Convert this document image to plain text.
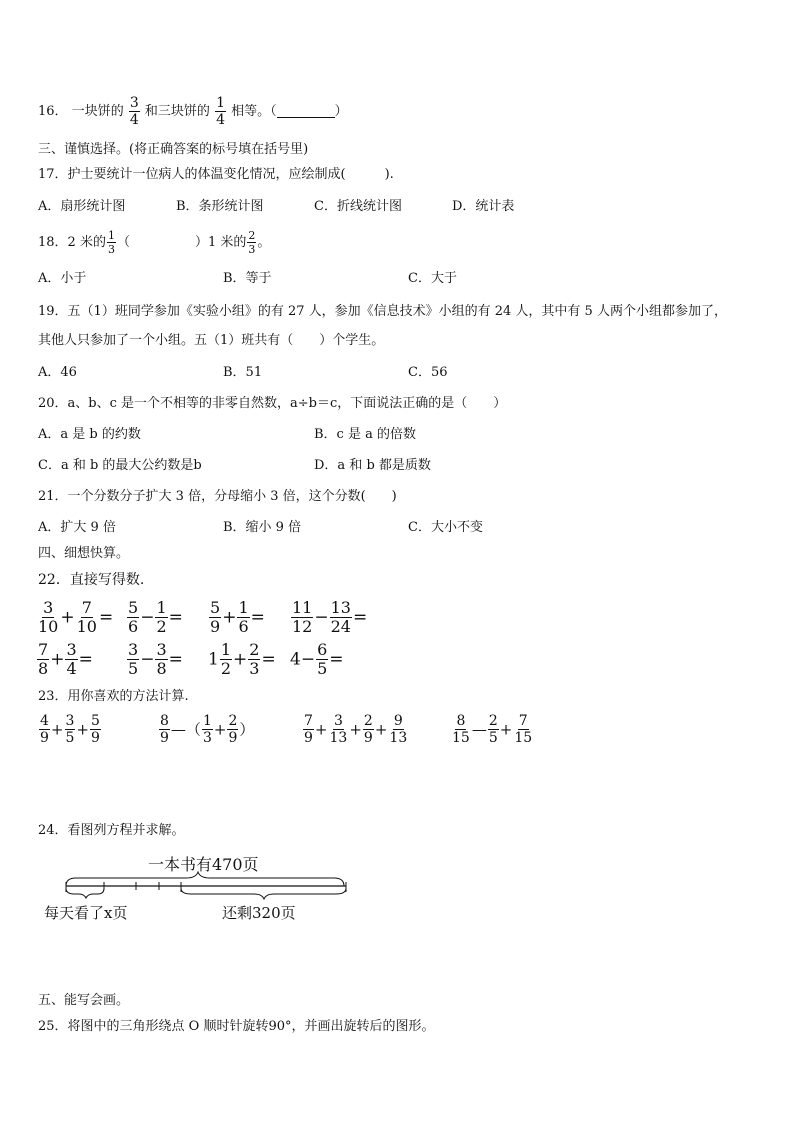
16． 一块饼的 $\frac{3}{4}$ 和三块饼的 $\frac{1}{4}$ 相等。（	）
三、谨慎选择。(将正确答案的标号填在括号里)
17．护士要统计一位病人的体温变化情况，应绘制成(　　　).
A．扇形统计图	B．条形统计图	C．折线统计图	D．统计表
18．2 米的 $\frac{1}{3}$ （　　　　　）1 米的 $\frac{2}{3}$ 。
A．小于	B．等于	C．大于
19．五（1）班同学参加《实验小组》的有 27 人，参加《信息技术》小组的有 24 人，其中有 5 人两个小组都参加了，
其他人只参加了一个小组。五（1）班共有（　　）个学生。
A．46	B．51	C．56
20．a、b、c 是一个不相等的非零自然数，a÷b＝c，下面说法正确的是（　　）
A．a 是 b 的约数	B．c 是 a 的倍数
C．a 和 b 的最大公约数是b	D．a 和 b 都是质数
21．一个分数分子扩大 3 倍，分母缩小 3 倍，这个分数(　　)
A．扩大 9 倍	B．缩小 9 倍	C．大小不变
四、细想快算。
22．直接写得数.
$\frac{3}{10} + \frac{7}{10} = \frac{5}{6} - \frac{1}{2} = \frac{5}{9} + \frac{1}{6} = \frac{11}{12} - \frac{13}{24}$ =
$\frac{7}{8} + \frac{3}{4} = \frac{3}{5} - \frac{3}{8} = 1 \frac{1}{2} + \frac{2}{3} = 4- \frac{6}{5}$ =
23．用你喜欢的方法计算.
$\frac{4}{9} + \frac{3}{5} + \frac{5}{9}$	$\frac{8}{9}$ —（ $\frac{1}{3} + \frac{2}{9}$ ）	$\frac{7}{9} + \frac{3}{13} + \frac{2}{9} + \frac{9}{13}$	$\frac{8}{15}$ — $\frac{2}{5} + \frac{7}{15}$
24．看图列方程并求解。
一本书有470页
每天看了x页	还剩320页
五、能写会画。
25．将图中的三角形绕点 O 顺时针旋转90°，并画出旋转后的图形。
